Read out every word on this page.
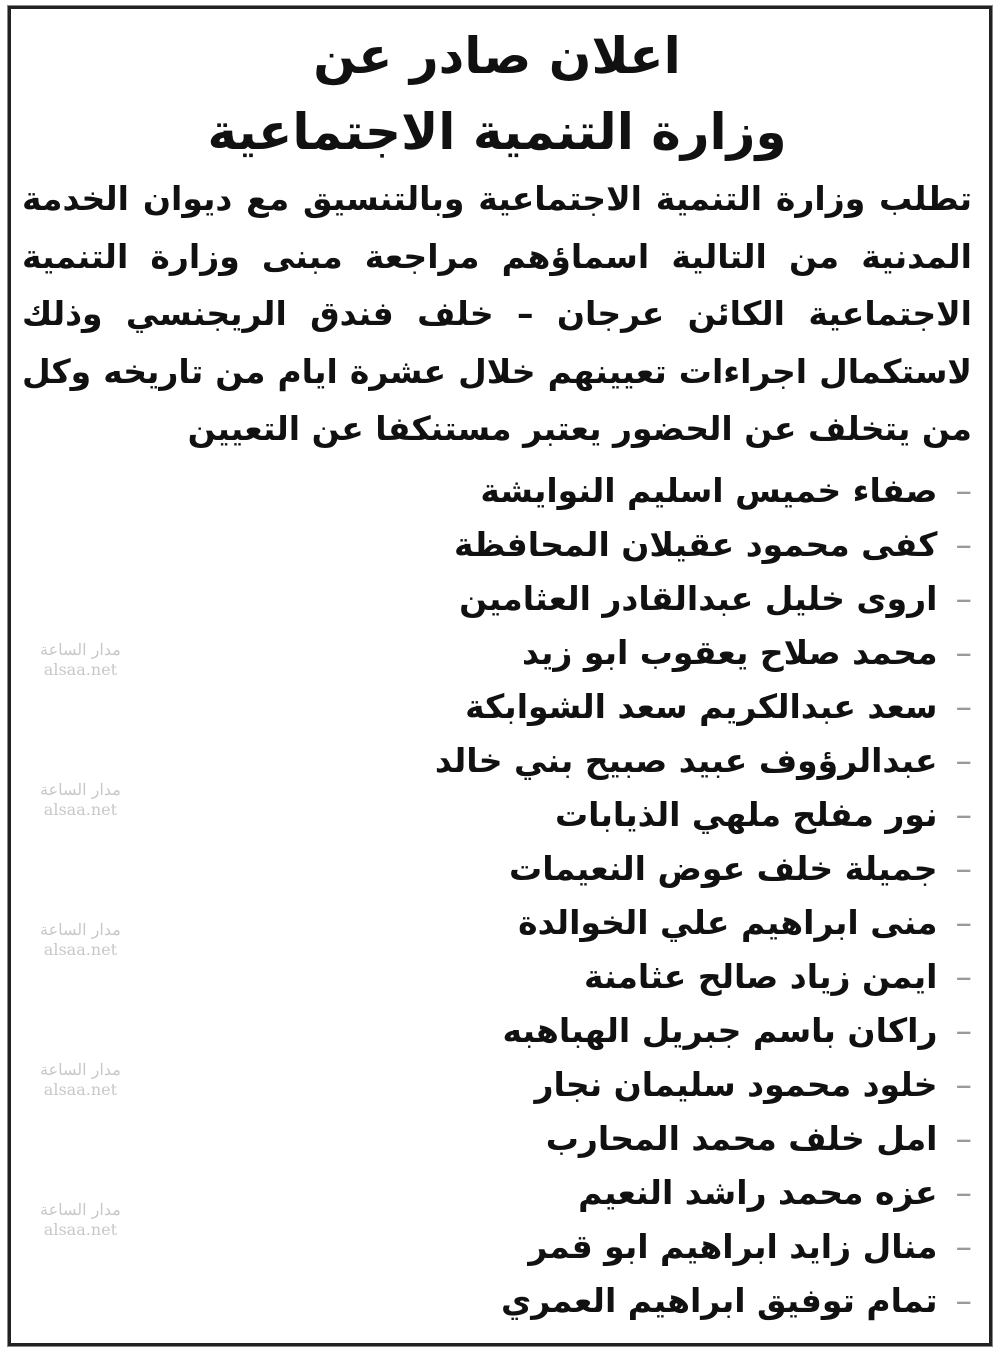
اعلان صادر عن
وزارة التنمية الاجتماعية
تطلب وزارة التنمية الاجتماعية وبالتنسيق مع ديوان الخدمة المدنية من التالية اسماؤهم مراجعة مبنى وزارة التنمية الاجتماعية الكائن عرجان – خلف فندق الريجنسي وذلك لاستكمال اجراءات تعيينهم خلال عشرة ايام من تاريخه وكل من يتخلف عن الحضور يعتبر مستنكفا عن التعيين
–صفاء خميس اسليم النوايشة
–كفى محمود عقيلان المحافظة
–اروى خليل عبدالقادر العثامين
–محمد صلاح يعقوب ابو زيد
–سعد عبدالكريم سعد الشوابكة
–عبدالرؤوف عبيد صبيح بني خالد
–نور مفلح ملهي الذيابات
–جميلة خلف عوض النعيمات
–منى ابراهيم علي الخوالدة
–ايمن زياد صالح عثامنة
–راكان باسم جبريل الهباهبه
–خلود محمود سليمان نجار
–امل خلف محمد المحارب
–عزه محمد راشد النعيم
–منال زايد ابراهيم ابو قمر
–تمام توفيق ابراهيم العمري
مدار الساعة
alsaa.net
مدار الساعة
alsaa.net
مدار الساعة
alsaa.net
مدار الساعة
alsaa.net
مدار الساعة
alsaa.net
